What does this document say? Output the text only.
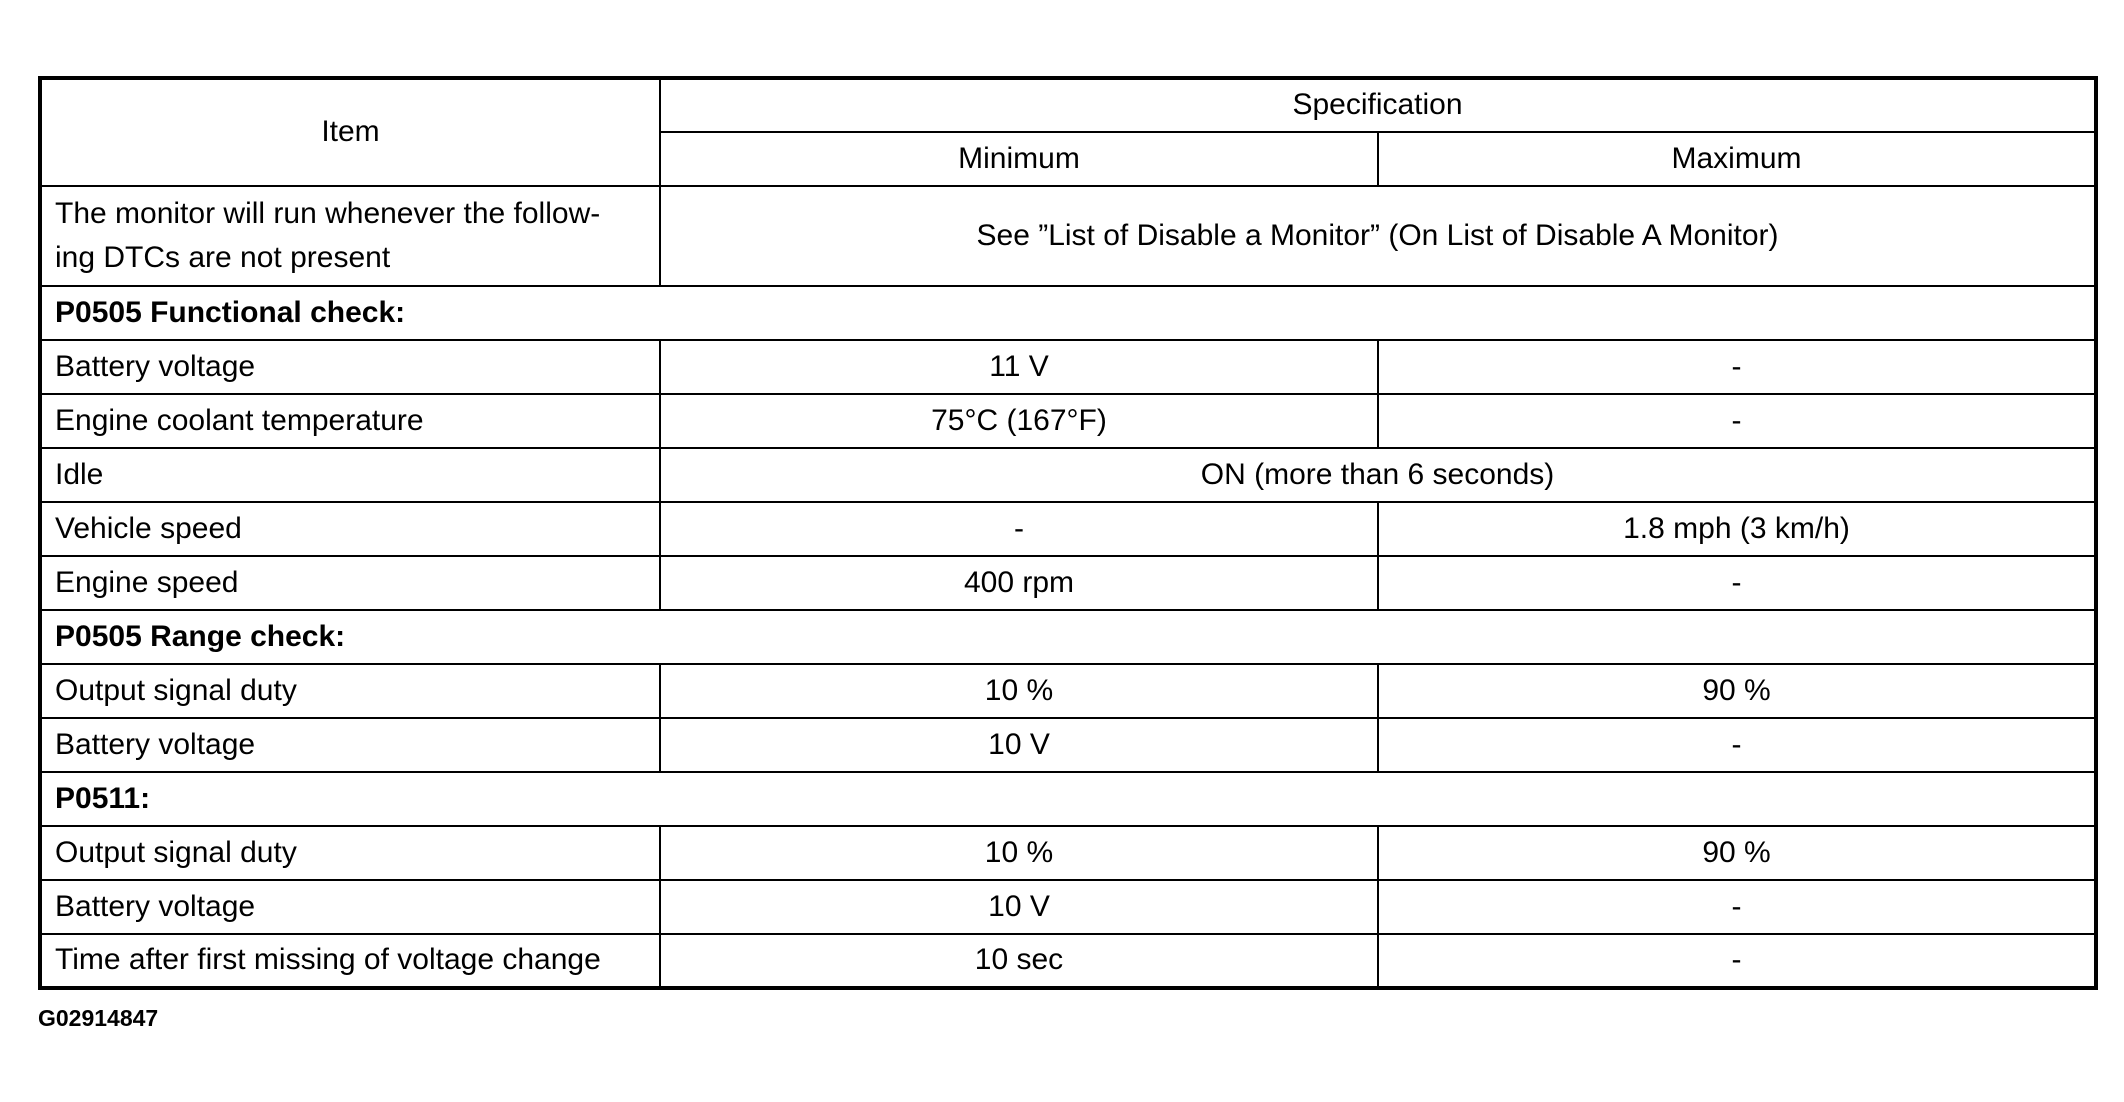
Item	Specification	
	Minimum	Maximum

The monitor will run whenever the follow-
ing DTCs are not present	See ”List of Disable a Monitor” (On List of Disable A Monitor)	
P0505 Functional check:		
Battery voltage	11 V	-
Engine coolant temperature	75°C (167°F)	-
Idle	ON (more than 6 seconds)	
Vehicle speed	-	1.8 mph (3 km/h)
Engine speed	400 rpm	-
P0505 Range check:		
Output signal duty	10 %	90 %
Battery voltage	10 V	-
P0511:		
Output signal duty	10 %	90 %
Battery voltage	10 V	-
Time after first missing of voltage change	10 sec	-
G02914847
